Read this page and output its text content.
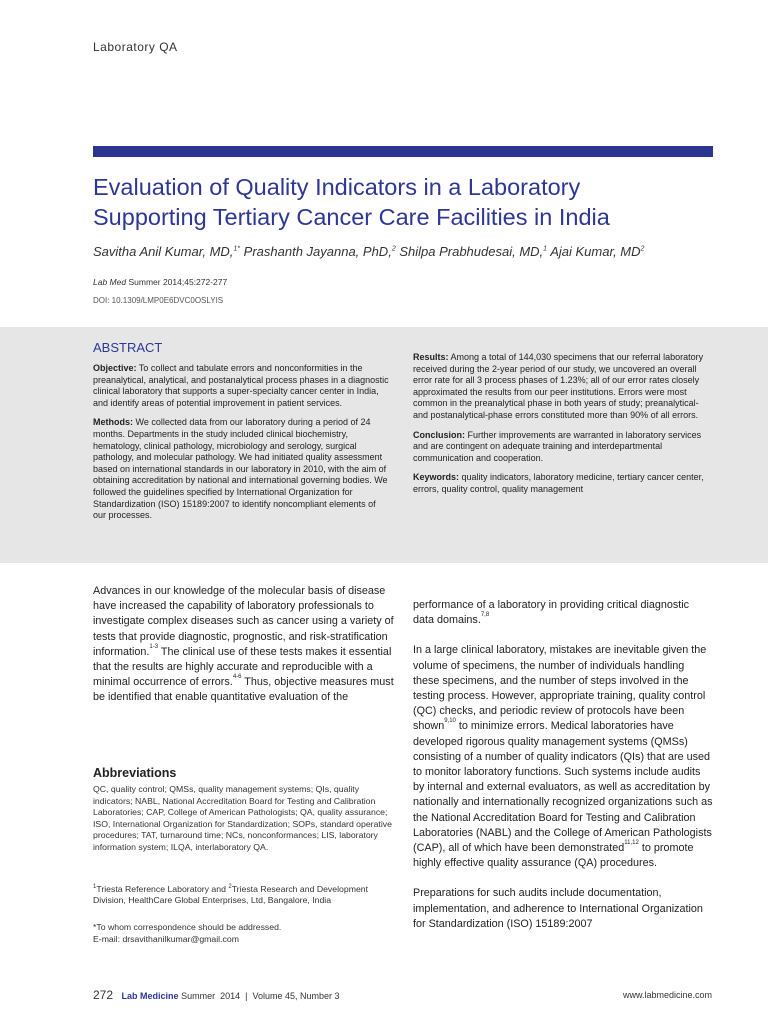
Laboratory QA
Evaluation of Quality Indicators in a Laboratory
Supporting Tertiary Cancer Care Facilities in India
Savitha Anil Kumar, MD,$^{1*}$ Prashanth Jayanna, PhD,$^2$ Shilpa Prabhudesai, MD,$^1$ Ajai Kumar, $MD^2$
Lab Med Summer 2014;45:272-277
DOI: 10.1309/LMP0E6DVC0OSLYIS
ABSTRACT

Objective: To collect and tabulate errors and nonconformities in the preanalytical, analytical, and postanalytical process phases in a diagnostic clinical laboratory that supports a super-specialty cancer center in India, and identify areas of potential improvement in patient services.

Methods: We collected data from our laboratory during a period of 24 months. Departments in the study included clinical biochemistry, hematology, clinical pathology, microbiology and serology, surgical pathology, and molecular pathology. We had initiated quality assessment based on international standards in our laboratory in 2010, with the aim of obtaining accreditation by national and international governing bodies. We followed the guidelines specified by International Organization for Standardization (ISO) 15189:2007 to identify noncompliant elements of our processes.

Results: Among a total of 144,030 specimens that our referral laboratory received during the 2-year period of our study, we uncovered an overall error rate for all 3 process phases of 1.23%; all of our error rates closely approximated the results from our peer institutions. Errors were most common in the preanalytical phase in both years of study; preanalytical- and postanalytical-phase errors constituted more than 90% of all errors.

Conclusion: Further improvements are warranted in laboratory services and are contingent on adequate training and interdepartmental communication and cooperation.

Keywords: quality indicators, laboratory medicine, tertiary cancer center, errors, quality control, quality management

Advances in our knowledge of the molecular basis of disease have increased the capability of laboratory professionals to investigate complex diseases such as cancer using a variety of tests that provide diagnostic, prognostic, and risk-stratification information.$^{1-3}$ The clinical use of these tests makes it essential that the results are highly accurate and reproducible with a minimal occurrence of errors.$^{4-6}$ Thus, objective measures must be identified that enable quantitative evaluation of the

Abbreviations
QC, quality control; QMSs, quality management systems; QIs, quality indicators; NABL, National Accreditation Board for Testing and Calibration Laboratories; CAP, College of American Pathologists; QA, quality assurance; ISO, International Organization for Standardization; SOPs, standard operative procedures; TAT, turnaround time; NCs, nonconformances; LIS, laboratory information system; ILQA, interlaboratory QA.
$^1$Triesta Reference Laboratory and $^2$Triesta Research and Development Division, HealthCare Global Enterprises, Ltd, Bangalore, India
*To whom correspondence should be addressed.
E-mail: drsavithanilkumar@gmail.com

performance of a laboratory in providing critical diagnostic data domains.$^{7,8}$

In a large clinical laboratory, mistakes are inevitable given the volume of specimens, the number of individuals handling these specimens, and the number of steps involved in the testing process. However, appropriate training, quality control (QC) checks, and periodic review of protocols have been shown$^{9,10}$ to minimize errors. Medical laboratories have developed rigorous quality management systems (QMSs) consisting of a number of quality indicators (QIs) that are used to monitor laboratory functions. Such systems include audits by internal and external evaluators, as well as accreditation by nationally and internationally recognized organizations such as the National Accreditation Board for Testing and Calibration Laboratories (NABL) and the College of American Pathologists (CAP), all of which have been demonstrated$^{11,12}$ to promote highly effective quality assurance (QA) procedures.

Preparations for such audits include documentation, implementation, and adherence to International Organization for Standardization (ISO) 15189:2007

272 Lab Medicine Summer  2014  |  Volume 45, Number 3	www.labmedicine.com
